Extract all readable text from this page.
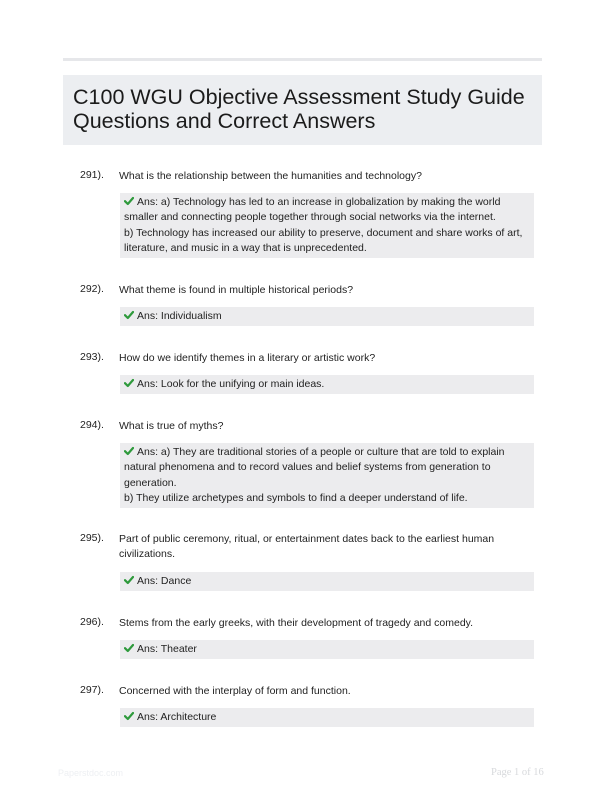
C100 WGU Objective Assessment Study Guide
Questions and Correct Answers
291). What is the relationship between the humanities and technology?
Ans: a) Technology has led to an increase in globalization by making the world
smaller and connecting people together through social networks via the internet.
b) Technology has increased our ability to preserve, document and share works of art,
literature, and music in a way that is unprecedented.
292). What theme is found in multiple historical periods?
Ans: Individualism
293). How do we identify themes in a literary or artistic work?
Ans: Look for the unifying or main ideas.
294). What is true of myths?
Ans: a) They are traditional stories of a people or culture that are told to explain
natural phenomena and to record values and belief systems from generation to
generation.
b) They utilize archetypes and symbols to find a deeper understand of life.
295). Part of public ceremony, ritual, or entertainment dates back to the earliest human civilizations.
Ans: Dance
296). Stems from the early greeks, with their development of tragedy and comedy.
Ans: Theater
297). Concerned with the interplay of form and function.
Ans: Architecture
Paperstdoc.com	Page 1 of 16
